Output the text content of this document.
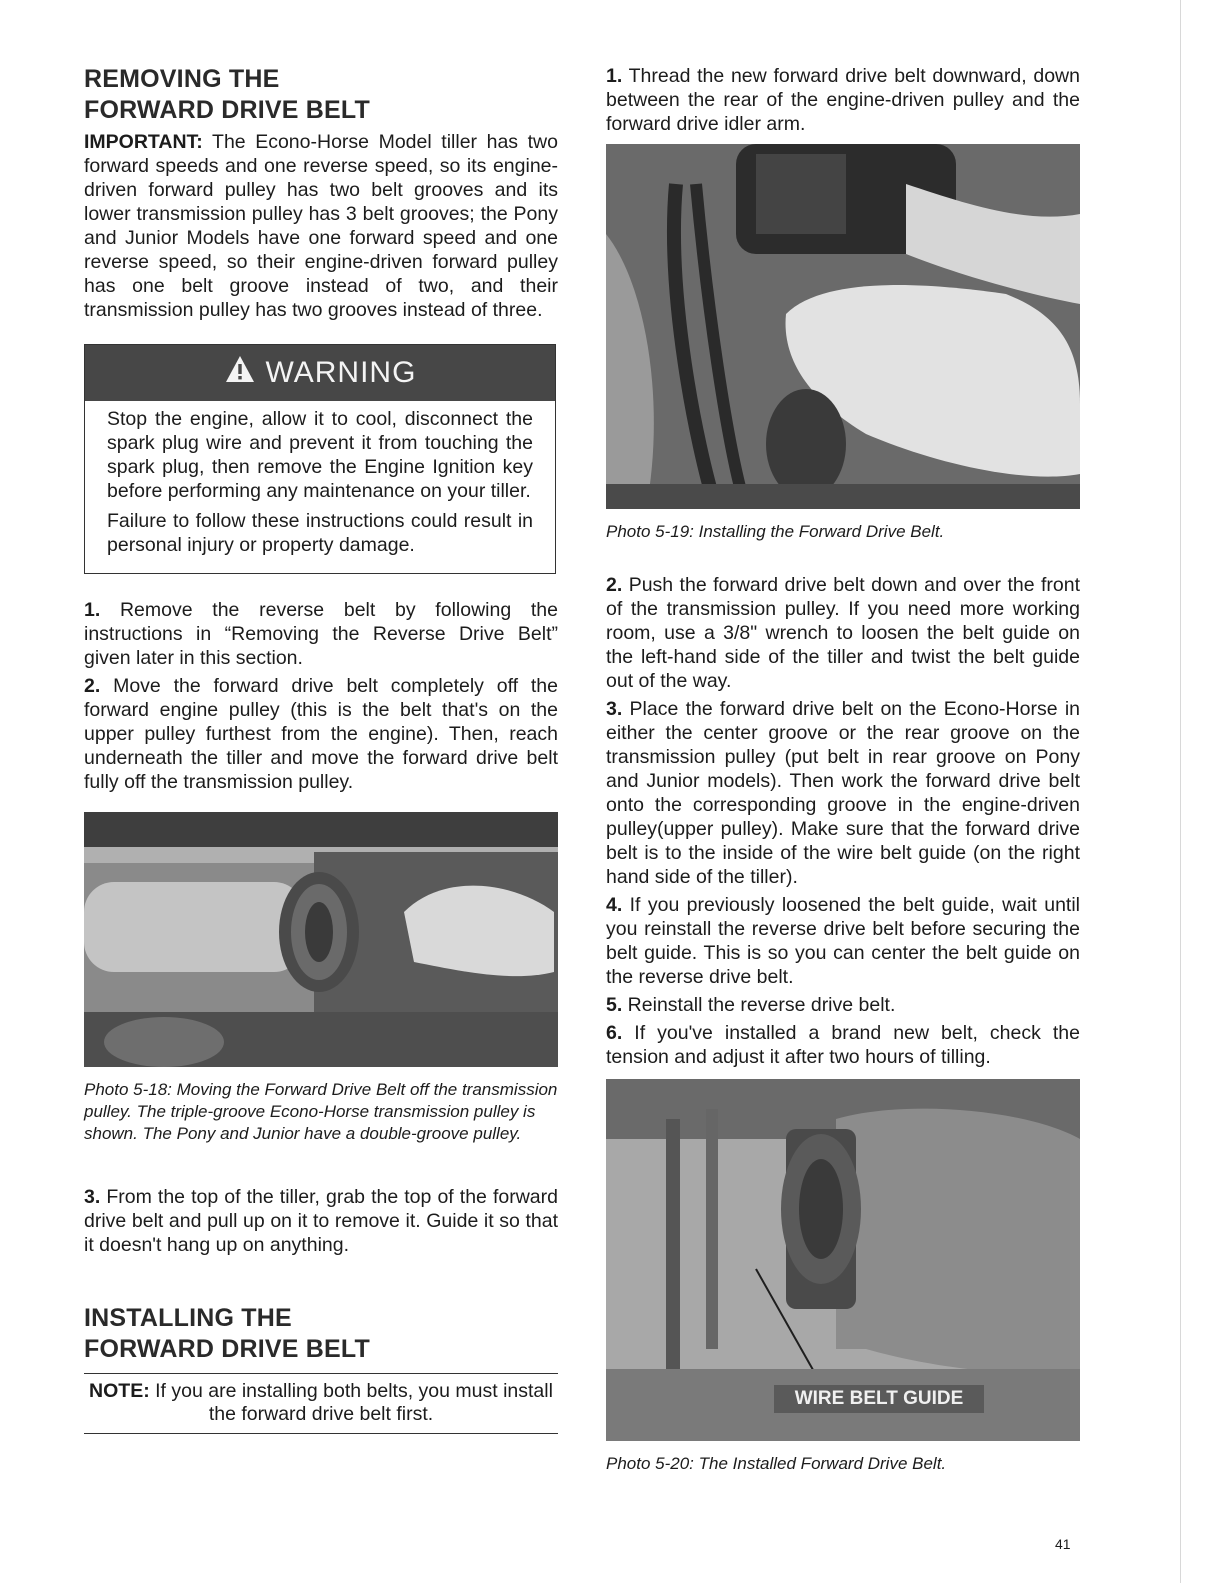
REMOVING THE
FORWARD DRIVE BELT

IMPORTANT: The Econo-Horse Model tiller has two forward speeds and one reverse speed, so its engine-driven forward pulley has two belt grooves and its lower transmission pulley has 3 belt grooves; the Pony and Junior Models have one forward speed and one reverse speed, so their engine-driven forward pulley has one belt groove instead of two, and their transmission pulley has two grooves instead of three.

WARNING

Stop the engine, allow it to cool, disconnect the spark plug wire and prevent it from touching the spark plug, then remove the Engine Ignition key before performing any maintenance on your tiller.

Failure to follow these instructions could result in personal injury or property damage.

1. Remove the reverse belt by following the instructions in “Removing the Reverse Drive Belt” given later in this section.

2. Move the forward drive belt completely off the forward engine pulley (this is the belt that's on the upper pulley furthest from the engine). Then, reach underneath the tiller and move the forward drive belt fully off the transmission pulley.

Photo 5-18: Moving the Forward Drive Belt off the transmission pulley. The triple-groove Econo-Horse transmission pulley is shown. The Pony and Junior have a double-groove pulley.

3. From the top of the tiller, grab the top of the forward drive belt and pull up on it to remove it. Guide it so that it doesn't hang up on anything.

INSTALLING THE
FORWARD DRIVE BELT
NOTE: If you are installing both belts, you must install the forward drive belt first.

1. Thread the new forward drive belt downward, down between the rear of the engine-driven pulley and the forward drive idler arm.

Photo 5-19: Installing the Forward Drive Belt.

2. Push the forward drive belt down and over the front of the transmission pulley. If you need more working room, use a 3/8" wrench to loosen the belt guide on the left-hand side of the tiller and twist the belt guide out of the way.

3. Place the forward drive belt on the Econo-Horse in either the center groove or the rear groove on the transmission pulley (put belt in rear groove on Pony and Junior models). Then work the forward drive belt onto the corresponding groove in the engine-driven pulley(upper pulley). Make sure that the forward drive belt is to the inside of the wire belt guide (on the right hand side of the tiller).

4. If you previously loosened the belt guide, wait until you reinstall the reverse drive belt before securing the belt guide. This is so you can center the belt guide on the reverse drive belt.

5. Reinstall the reverse drive belt.

6. If you've installed a brand new belt, check the tension and adjust it after two hours of tilling.

WIRE BELT GUIDE
Photo 5-20: The Installed Forward Drive Belt.
41
